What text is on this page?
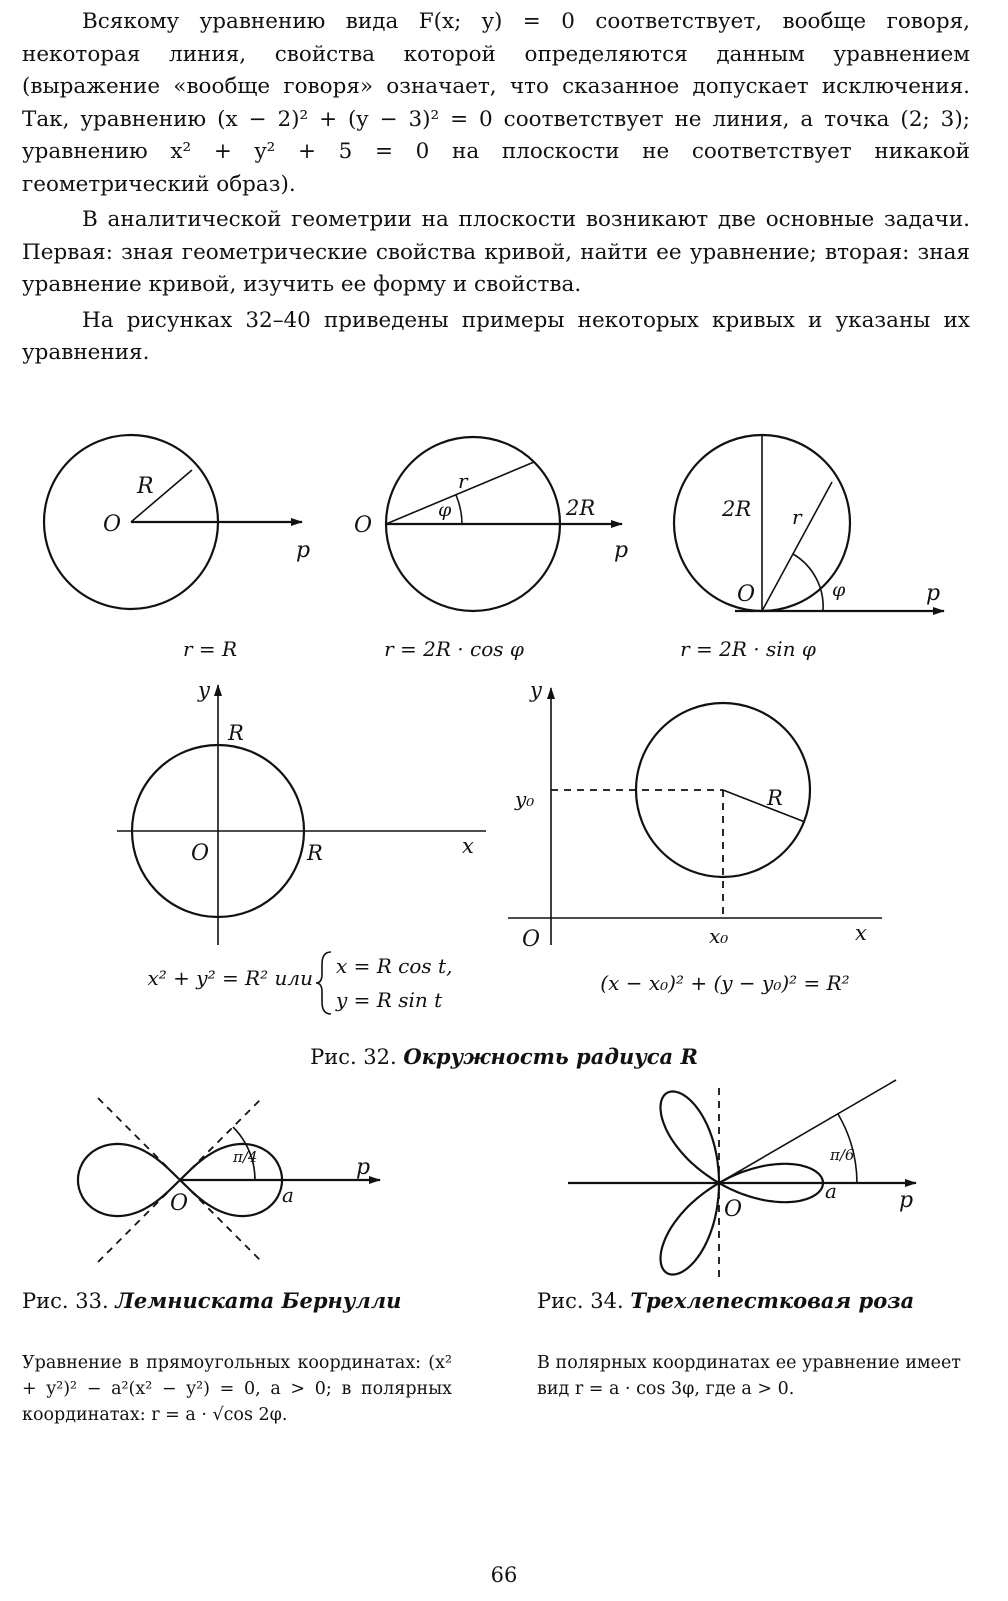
Всякому уравнению вида F(x; y) = 0 соответствует, вообще говоря, некоторая линия, свойства которой определяются данным уравнением (выражение «вообще говоря» означает, что сказанное допускает исключения. Так, уравнению (x − 2)² + (y − 3)² = 0 соответствует не линия, а точка (2; 3); уравнению x² + y² + 5 = 0 на плоскости не соответствует никакой геометрический образ).

В аналитической геометрии на плоскости возникают две основные задачи. Первая: зная геометрические свойства кривой, найти ее уравнение; вторая: зная уравнение кривой, изучить ее форму и свойства.

На рисунках 32–40 приведены примеры некоторых кривых и указаны их уравнения.

R
O
p
r = R
r
φ	2R
O
p
r = 2R · cos φ
2R r
φ
O	p
r = 2R · sin φ
y
R
O	R	x
x² + y² = R² или x = R cos t,
y = R sin t
y
y₀	R
O	x₀	x
(x − x₀)² + (y − y₀)² = R²
π/4
O	a
p	π/6
O
a	p
Рис. 32. Окружность радиуса R
Рис. 33. Лемниската Бернулли
Уравнение в прямоугольных координатах: (x² + y²)² − a²(x² − y²) = 0, a > 0; в полярных координатах: r = a · √cos 2φ.
Рис. 34. Трехлепестковая роза
В полярных координатах ее уравнение имеет вид r = a · cos 3φ, где a > 0.
66
